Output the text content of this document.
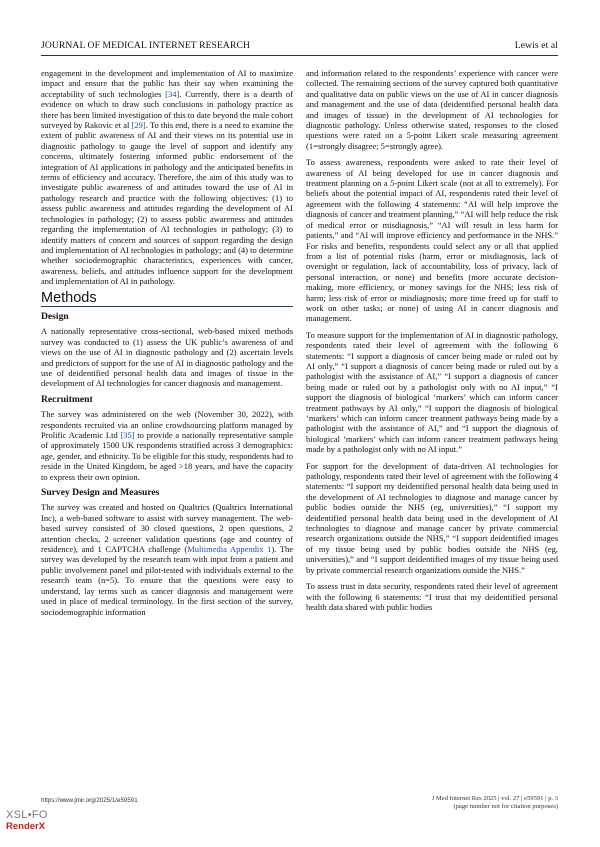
JOURNAL OF MEDICAL INTERNET RESEARCH	Lewis et al

engagement in the development and implementation of AI to maximize impact and ensure that the public has their say when examining the acceptability of such technologies [34]. Currently, there is a dearth of evidence on which to draw such conclusions in pathology practice as there has been limited investigation of this to date beyond the male cohort surveyed by Rakovic et al [29]. To this end, there is a need to examine the extent of public awareness of AI and their views on its potential use in diagnostic pathology to gauge the level of support and identify any concerns, ultimately fostering informed public endorsement of the integration of AI applications in pathology and the anticipated benefits in terms of efficiency and accuracy. Therefore, the aim of this study was to investigate public awareness of and attitudes toward the use of AI in pathology research and practice with the following objectives: (1) to assess public awareness and attitudes regarding the development of AI technologies in pathology; (2) to assess public awareness and attitudes regarding the implementation of AI technologies in pathology; (3) to identify matters of concern and sources of support regarding the design and implementation of AI technologies in pathology; and (4) to determine whether sociodemographic characteristics, experiences with cancer, awareness, beliefs, and attitudes influence support for the development and implementation of AI in pathology.

Methods
Design

A nationally representative cross-sectional, web-based mixed methods survey was conducted to (1) assess the UK public’s awareness of and views on the use of AI in diagnostic pathology and (2) ascertain levels and predictors of support for the use of AI in diagnostic pathology and the use of deidentified personal health data and images of tissue in the development of AI technologies for cancer diagnosis and management.

Recruitment

The survey was administered on the web (November 30, 2022), with respondents recruited via an online crowdsourcing platform managed by Prolific Academic Ltd [35] to provide a nationally representative sample of approximately 1500 UK respondents stratified across 3 demographics: age, gender, and ethnicity. To be eligible for this study, respondents had to reside in the United Kingdom, be aged >18 years, and have the capacity to express their own opinion.

Survey Design and Measures

The survey was created and hosted on Qualtrics (Qualtrics International Inc), a web-based software to assist with survey management. The web-based survey consisted of 30 closed questions, 2 open questions, 2 attention checks, 2 screener validation questions (age and country of residence), and 1 CAPTCHA challenge (Multimedia Appendix 1). The survey was developed by the research team with input from a patient and public involvement panel and pilot-tested with individuals external to the research team (n=5). To ensure that the questions were easy to understand, lay terms such as cancer diagnosis and management were used in place of medical terminology. In the first section of the survey, sociodemographic information

and information related to the respondents’ experience with cancer were collected. The remaining sections of the survey captured both quantitative and qualitative data on public views on the use of AI in cancer diagnosis and management and the use of data (deidentified personal health data and images of tissue) in the development of AI technologies for diagnostic pathology. Unless otherwise stated, responses to the closed questions were rated on a 5-point Likert scale measuring agreement (1=strongly disagree; 5=strongly agree).

To assess awareness, respondents were asked to rate their level of awareness of AI being developed for use in cancer diagnosis and treatment planning on a 5-point Likert scale (not at all to extremely). For beliefs about the potential impact of AI, respondents rated their level of agreement with the following 4 statements: “AI will help improve the diagnosis of cancer and treatment planning,” “AI will help reduce the risk of medical error or misdiagnosis,” “AI will result in less harm for patients,” and “AI will improve efficiency and performance in the NHS.” For risks and benefits, respondents could select any or all that applied from a list of potential risks (harm, error or misdiagnosis, lack of oversight or regulation, lack of accountability, loss of privacy, lack of personal interaction, or none) and benefits (more accurate decision-making, more efficiency, or money savings for the NHS; less risk of harm; less risk of error or misdiagnosis; more time freed up for staff to work on other tasks; or none) of using AI in cancer diagnosis and management.

To measure support for the implementation of AI in diagnostic pathology, respondents rated their level of agreement with the following 6 statements: “I support a diagnosis of cancer being made or ruled out by AI only,” “I support a diagnosis of cancer being made or ruled out by a pathologist with the assistance of AI,” “I support a diagnosis of cancer being made or ruled out by a pathologist only with no AI input,” “I support the diagnosis of biological ‘markers’ which can inform cancer treatment pathways by AI only,” “I support the diagnosis of biological ‘markers’ which can inform cancer treatment pathways being made by a pathologist with the assistance of AI,” and “I support the diagnosis of biological ‘markers’ which can inform cancer treatment pathways being made by a pathologist only with no AI input.”

For support for the development of data-driven AI technologies for pathology, respondents rated their level of agreement with the following 4 statements: “I support my deidentified personal health data being used in the development of AI technologies to diagnose and manage cancer by public bodies outside the NHS (eg, universities),” “I support my deidentified personal health data being used in the development of AI technologies to diagnose and manage cancer by private commercial research organizations outside the NHS,” “I support deidentified images of my tissue being used by public bodies outside the NHS (eg, universities),” and “I support deidentified images of my tissue being used by private commercial research organizations outside the NHS.”

To assess trust in data security, respondents rated their level of agreement with the following 6 statements: “I trust that my deidentified personal health data shared with public bodies

https://www.jmir.org/2025/1/e59591	J Med Internet Res 2025 | vol. 27 | e59591 | p. 3
(page number not for citation purposes)
XSL•FO
RenderX
